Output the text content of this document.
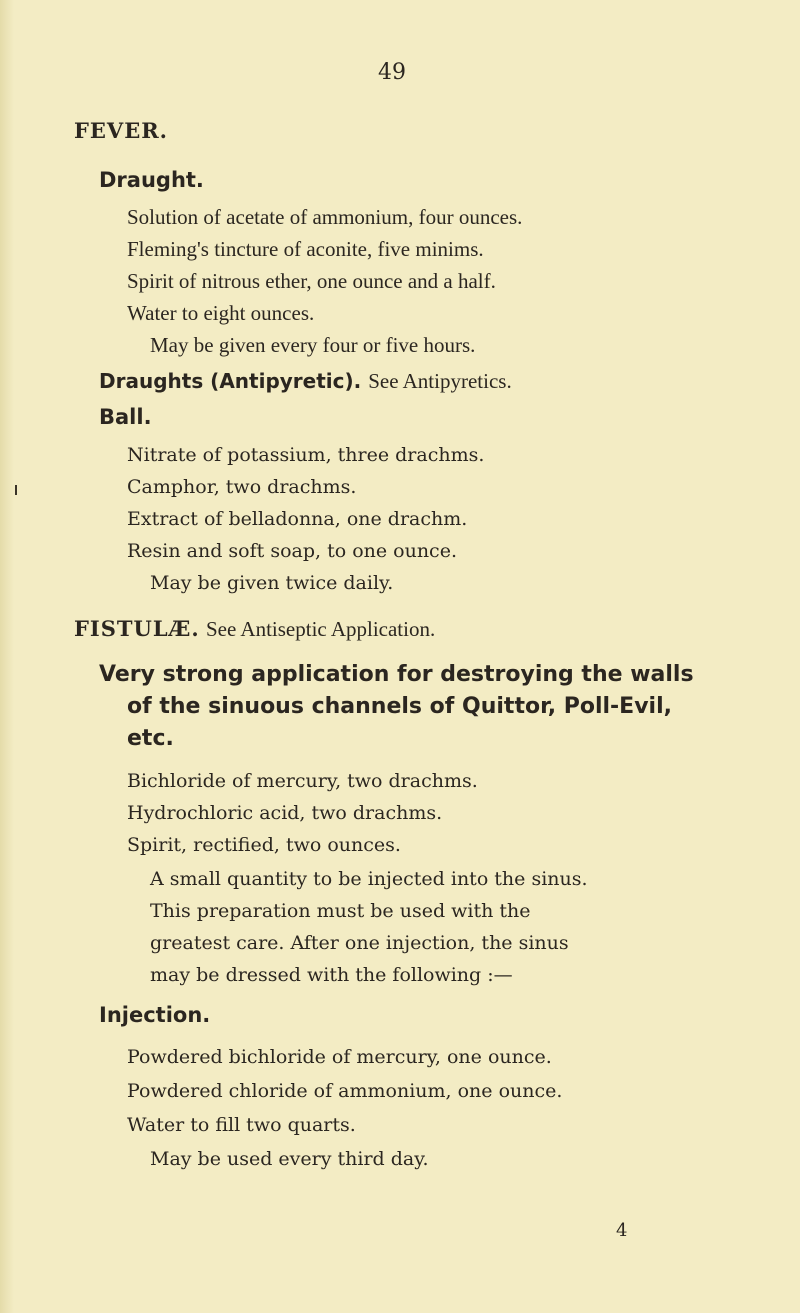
49
FEVER.
Draught.
Solution of acetate of ammonium, four ounces.
Fleming's tincture of aconite, five minims.
Spirit of nitrous ether, one ounce and a half.
Water to eight ounces.
May be given every four or five hours.
Draughts (Antipyretic). See Antipyretics.
Ball.
Nitrate of potassium, three drachms.
Camphor, two drachms.
Extract of belladonna, one drachm.
Resin and soft soap, to one ounce.
May be given twice daily.
FISTULÆ. See Antiseptic Application.
Very strong application for destroying the walls
of the sinuous channels of Quittor, Poll-Evil,
etc.
Bichloride of mercury, two drachms.
Hydrochloric acid, two drachms.
Spirit, rectified, two ounces.
A small quantity to be injected into the sinus.
This preparation must be used with the
greatest care. After one injection, the sinus
may be dressed with the following :—
Injection.
Powdered bichloride of mercury, one ounce.
Powdered chloride of ammonium, one ounce.
Water to fill two quarts.
May be used every third day.
4
